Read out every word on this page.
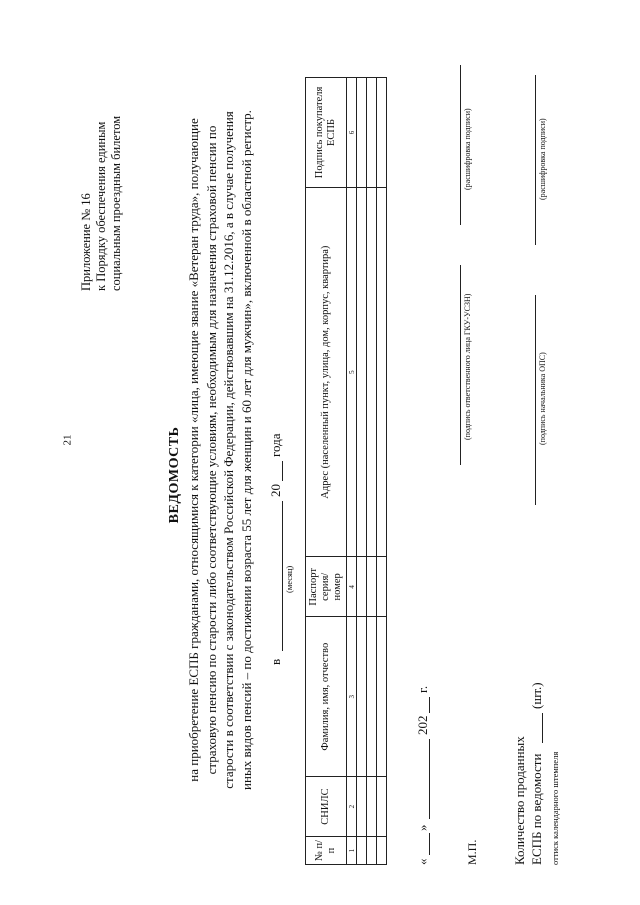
21
Приложение № 16 к Порядку обеспечения единым социальным проездным билетом
ВЕДОМОСТЬ на приобретение ЕСПБ гражданами, относящимися к категории «лица, имеющие звание «Ветеран труда», получающие страховую пенсию по старости либо соответствующие условиям, необходимым для назначения страховой пенсии по старости в соответствии с законодательством Российской Федерации, действовавшим на 31.12.2016, а в случае получения иных видов пенсий – по достижении возраста 55 лет для женщин и 60 лет для мужчин», включенной в областной регистр. в
(месяц)
20
года
№ п/п	СНИЛС	Фамилия, имя, отчество	Паспорт серия/номер	Адрес (населенный пункт, улица, дом, корпус, квартира)	Подпись покупателя ЕСПБ
1	2	3	4	5	6

«
»
202
г.
М.П.
(подпись ответственного лица ГКУ-УСЗН)
(расшифровка подписи)
(подпись начальника ОПС)
(расшифровка подписи)
Количество проданных ЕСПБ по ведомости
(шт.)
оттиск календарного штемпеля
